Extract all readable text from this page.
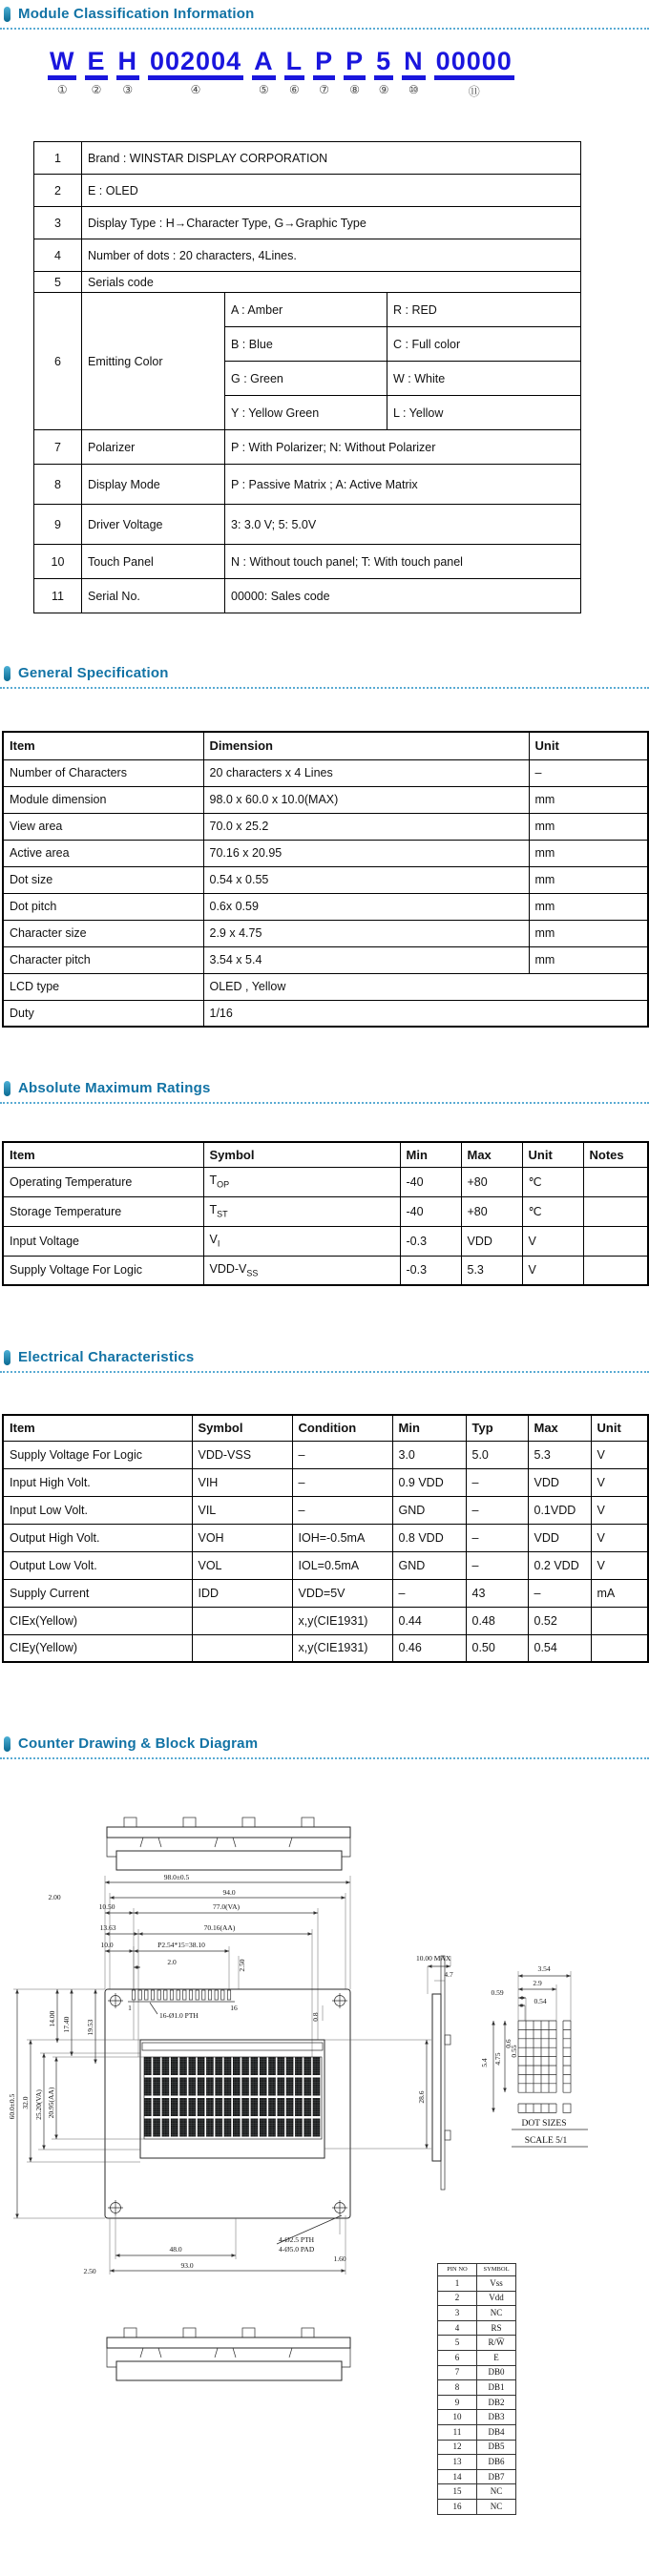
Module Classification Information
W
①
E
②
H
③
002004
④
A
⑤
L
⑥
P
⑦
P
⑧
5
⑨
N
⑩
00000
⑪
1	Brand : WINSTAR DISPLAY CORPORATION		
2	E : OLED		
3	Display Type : H→Character Type, G→Graphic Type		
4	Number of dots : 20 characters, 4Lines.		
5	Serials code		
6	Emitting Color	A : Amber	R : RED
		B : Blue	C : Full color
		G : Green	W : White
		Y : Yellow Green	L : Yellow
7	Polarizer	P : With Polarizer; N: Without Polarizer	
8	Display Mode	P : Passive Matrix ; A: Active Matrix	
9	Driver Voltage	3: 3.0 V; 5: 5.0V	
10	Touch Panel	N : Without touch panel; T: With touch panel	
11	Serial No.	00000: Sales code	
General Specification
Item	Dimension	Unit
Number of Characters	20 characters x 4 Lines	–
Module dimension	98.0 x 60.0 x 10.0(MAX)	mm
View area	70.0 x 25.2	mm
Active area	70.16 x 20.95	mm
Dot size	0.54 x 0.55	mm
Dot pitch	0.6x 0.59	mm
Character size	2.9 x 4.75	mm
Character pitch	3.54 x 5.4	mm
LCD type	OLED , Yellow	
Duty	1/16	
Absolute Maximum Ratings
Item	Symbol	Min	Max	Unit	Notes
Operating Temperature	$T_{OP}$	-40	+80	℃	
Storage Temperature	$T_{ST}$	-40	+80	℃	
Input Voltage	$V_I$	-0.3	VDD	V	
Supply Voltage For Logic	VDD-$V_{SS}$	-0.3	5.3	V	
Electrical Characteristics
Item	Symbol	Condition	Min	Typ	Max	Unit
Supply Voltage For Logic	VDD-VSS	–	3.0	5.0	5.3	V
Input High Volt.	VIH	–	0.9 VDD	–	VDD	V
Input Low Volt.	VIL	–	GND	–	0.1VDD	V
Output High Volt.	VOH	IOH=-0.5mA	0.8 VDD	–	VDD	V
Output Low Volt.	VOL	IOL=0.5mA	GND	–	0.2 VDD	V
Supply Current	IDD	VDD=5V	–	43	–	mA
CIEx(Yellow)		x,y(CIE1931)	0.44	0.48	0.52	
CIEy(Yellow)		x,y(CIE1931)	0.46	0.50	0.54	
Counter Drawing & Block Diagram
98.0±0.5
2.00
94.0
10.50	77.0(VA)
13.63	70.16(AA)
10.0	P2.54*15=38.10
2.0	2.50
1	16
16-Ø1.0 PTH	0.8
14.00 17.40 19.53
60.0±0.5 32.0 25.20(VA) 20.95(AA)	28.6
4-Ø2.5 PTH
4-Ø5.0 PAD
1.60
48.0
93.0
2.50
10.00 MAX
4.7
3.54
2.9
0.59
0.54
5.4 4.75
0.6
0.55
DOT SIZES
SCALE 5/1
PIN NO	SYMBOL
1	Vss
2	Vdd
3	NC
4	RS
5	R/W̅
6	E
7	DB0
8	DB1
9	DB2
10	DB3
11	DB4
12	DB5
13	DB6
14	DB7
15	NC
16	NC
